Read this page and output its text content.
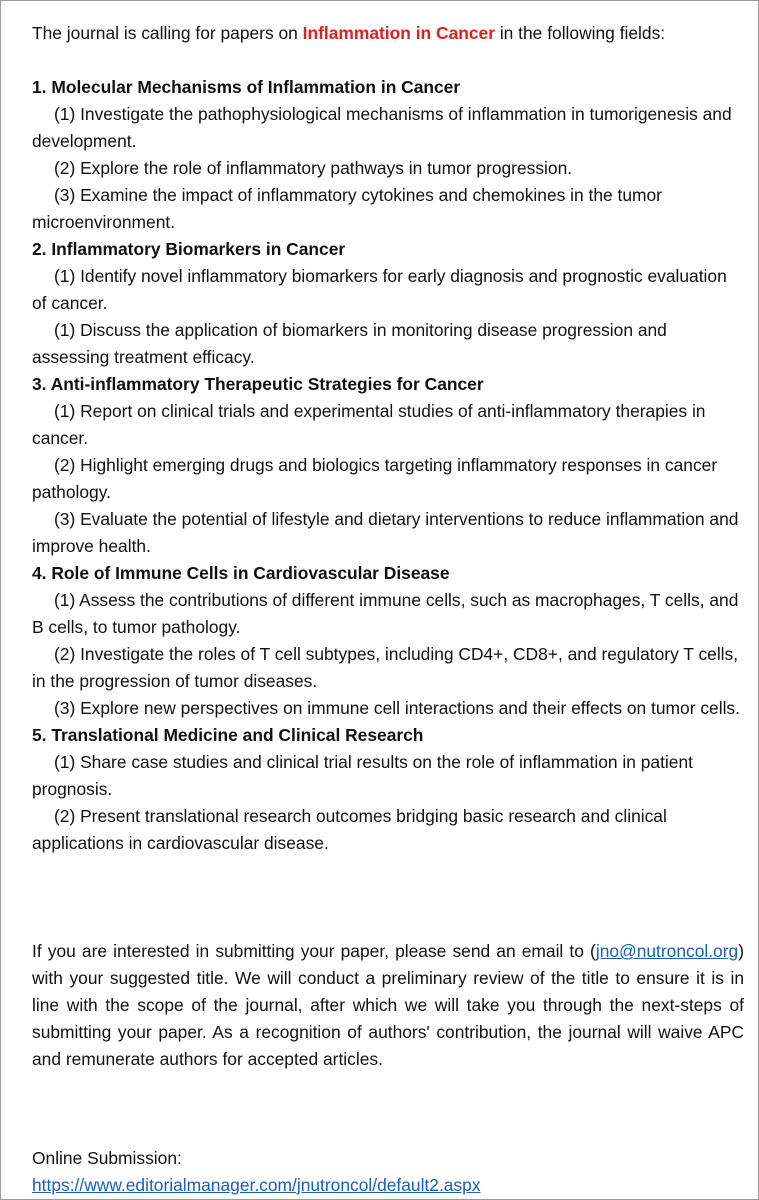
The journal is calling for papers on Inflammation in Cancer in the following fields:

1. Molecular Mechanisms of Inflammation in Cancer

(1) Investigate the pathophysiological mechanisms of inflammation in tumorigenesis and development.

(2) Explore the role of inflammatory pathways in tumor progression.

(3) Examine the impact of inflammatory cytokines and chemokines in the tumor microenvironment.

2. Inflammatory Biomarkers in Cancer

(1) Identify novel inflammatory biomarkers for early diagnosis and prognostic evaluation of cancer.

(1) Discuss the application of biomarkers in monitoring disease progression and assessing treatment efficacy.

3. Anti-inflammatory Therapeutic Strategies for Cancer

(1) Report on clinical trials and experimental studies of anti-inflammatory therapies in cancer.

(2) Highlight emerging drugs and biologics targeting inflammatory responses in cancer pathology.

(3) Evaluate the potential of lifestyle and dietary interventions to reduce inflammation and improve health.

4. Role of Immune Cells in Cardiovascular Disease

(1) Assess the contributions of different immune cells, such as macrophages, T cells, and B cells, to tumor pathology.

(2) Investigate the roles of T cell subtypes, including CD4+, CD8+, and regulatory T cells, in the progression of tumor diseases.

(3) Explore new perspectives on immune cell interactions and their effects on tumor cells.

5. Translational Medicine and Clinical Research

(1) Share case studies and clinical trial results on the role of inflammation in patient prognosis.

(2) Present translational research outcomes bridging basic research and clinical applications in cardiovascular disease.

If you are interested in submitting your paper, please send an email to (jno@nutroncol.org) with your suggested title. We will conduct a preliminary review of the title to ensure it is in line with the scope of the journal, after which we will take you through the next-steps of submitting your paper. As a recognition of authors' contribution, the journal will waive APC and remunerate authors for accepted articles.

Online Submission:

https://www.editorialmanager.com/jnutroncol/default2.aspx
